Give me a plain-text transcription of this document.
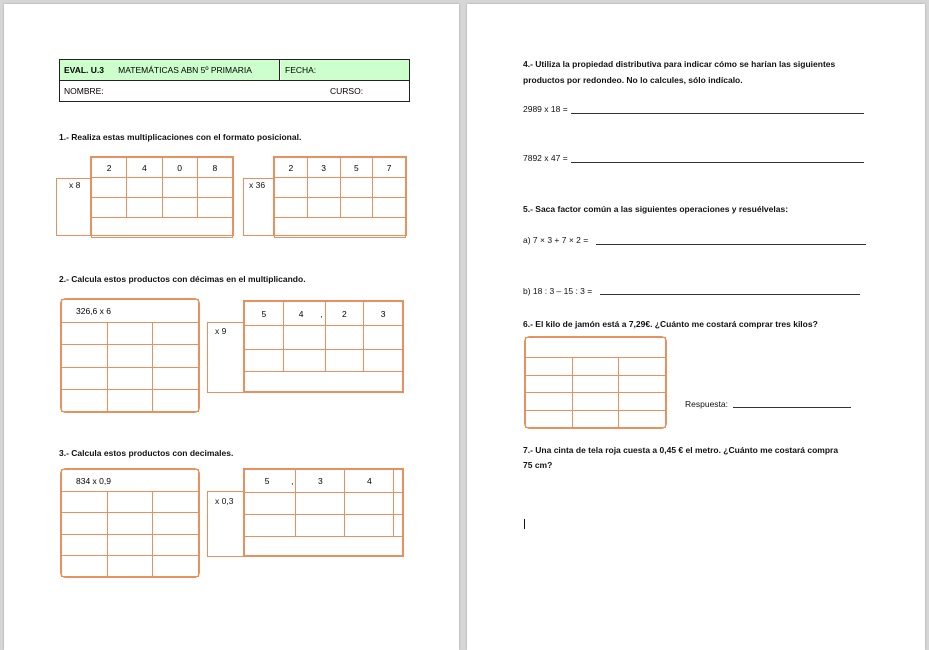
EVAL. U.3 MATEMÁTICAS ABN 5º PRIMARIA	FECHA:
NOMBRE:	CURSO:
1.- Realiza estas multiplicaciones con el formato posicional.
x 8
2	4	0	8

x 36
2	3	5	7

2.- Calcula estos productos con décimas en el multiplicando.
326,6 x 6		

x 9
5	4	,	2	3

3.- Calcula estos productos con decimales.
834 x 0,9		

x 0,3
5	,	3	4	

4.- Utiliza la propiedad distributiva para indicar cómo se harían las siguientes
productos por redondeo. No lo calcules, sólo indícalo.
2989 x 18 =
7892 x 47 =
5.- Saca factor común a las siguientes operaciones y resuélvelas:
a) 7 × 3 + 7 × 2 =
b) 18 : 3 – 15 : 3 =
6.- El kilo de jamón está a 7,29€. ¿Cuánto me costará comprar tres kilos?

Respuesta:
7.- Una cinta de tela roja cuesta a 0,45 € el metro. ¿Cuánto me costará compra
75 cm?
